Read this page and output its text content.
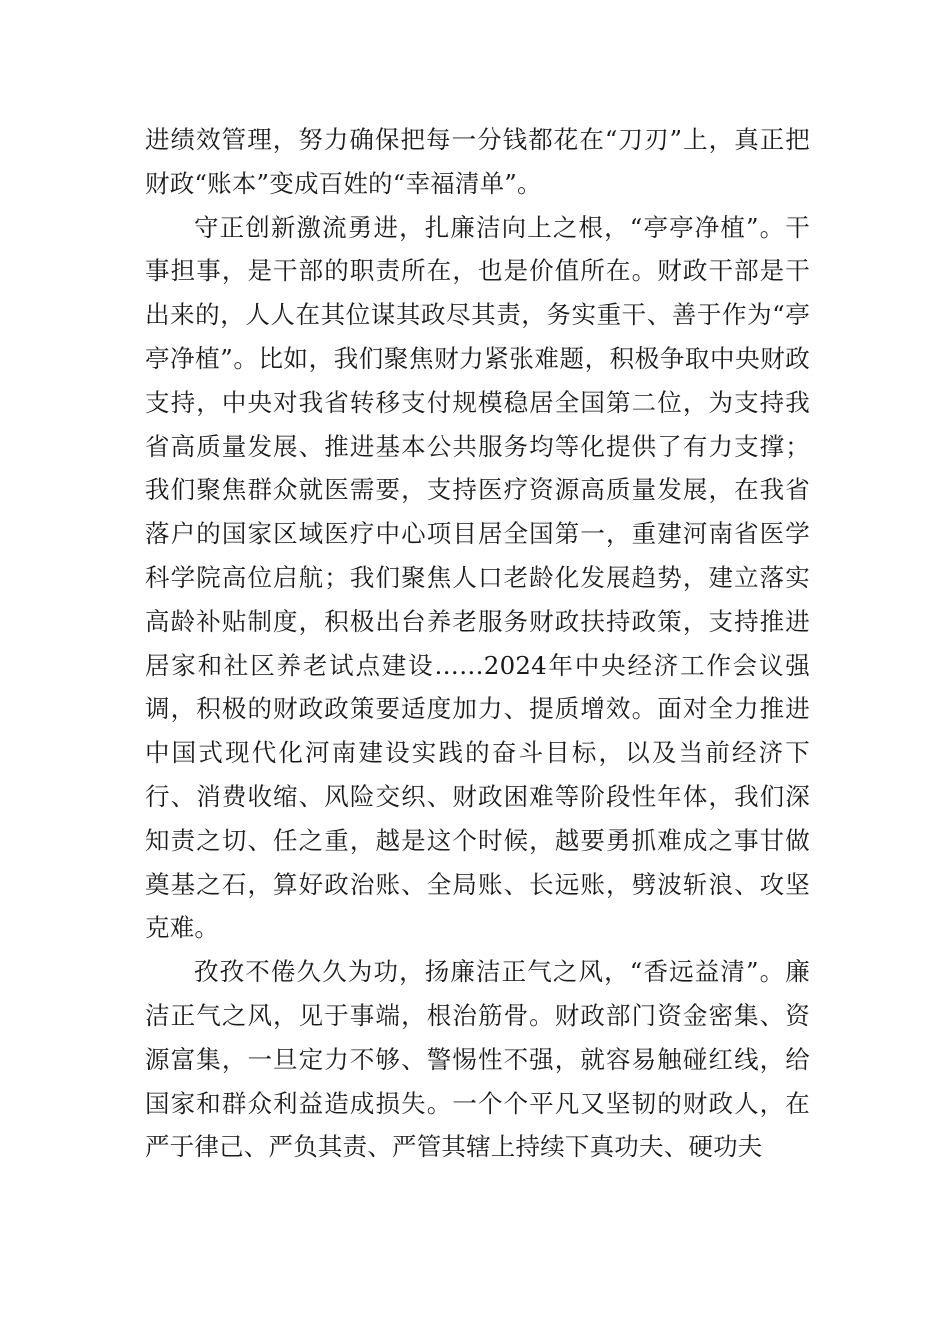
进绩效管理，努力确保把每一分钱都花在“刀刃”上，真正把财政“账本”变成百姓的“幸福清单”。

守正创新激流勇进，扎廉洁向上之根，“亭亭净植”。干事担事，是干部的职责所在，也是价值所在。财政干部是干出来的，人人在其位谋其政尽其责，务实重干、善于作为“亭亭净植”。比如，我们聚焦财力紧张难题，积极争取中央财政支持，中央对我省转移支付规模稳居全国第二位，为支持我省高质量发展、推进基本公共服务均等化提供了有力支撑；我们聚焦群众就医需要，支持医疗资源高质量发展，在我省落户的国家区域医疗中心项目居全国第一，重建河南省医学科学院高位启航；我们聚焦人口老龄化发展趋势，建立落实高龄补贴制度，积极出台养老服务财政扶持政策，支持推进居家和社区养老试点建设……2024年中央经济工作会议强调，积极的财政政策要适度加力、提质增效。面对全力推进中国式现代化河南建设实践的奋斗目标，以及当前经济下行、消费收缩、风险交织、财政困难等阶段性年体，我们深知责之切、任之重，越是这个时候，越要勇抓难成之事甘做奠基之石，算好政治账、全局账、长远账，劈波斩浪、攻坚克难。

孜孜不倦久久为功，扬廉洁正气之风，“香远益清”。廉洁正气之风，见于事端，根治筋骨。财政部门资金密集、资源富集，一旦定力不够、警惕性不强，就容易触碰红线，给国家和群众利益造成损失。一个个平凡又坚韧的财政人，在严于律己、严负其责、严管其辖上持续下真功夫、硬功夫
